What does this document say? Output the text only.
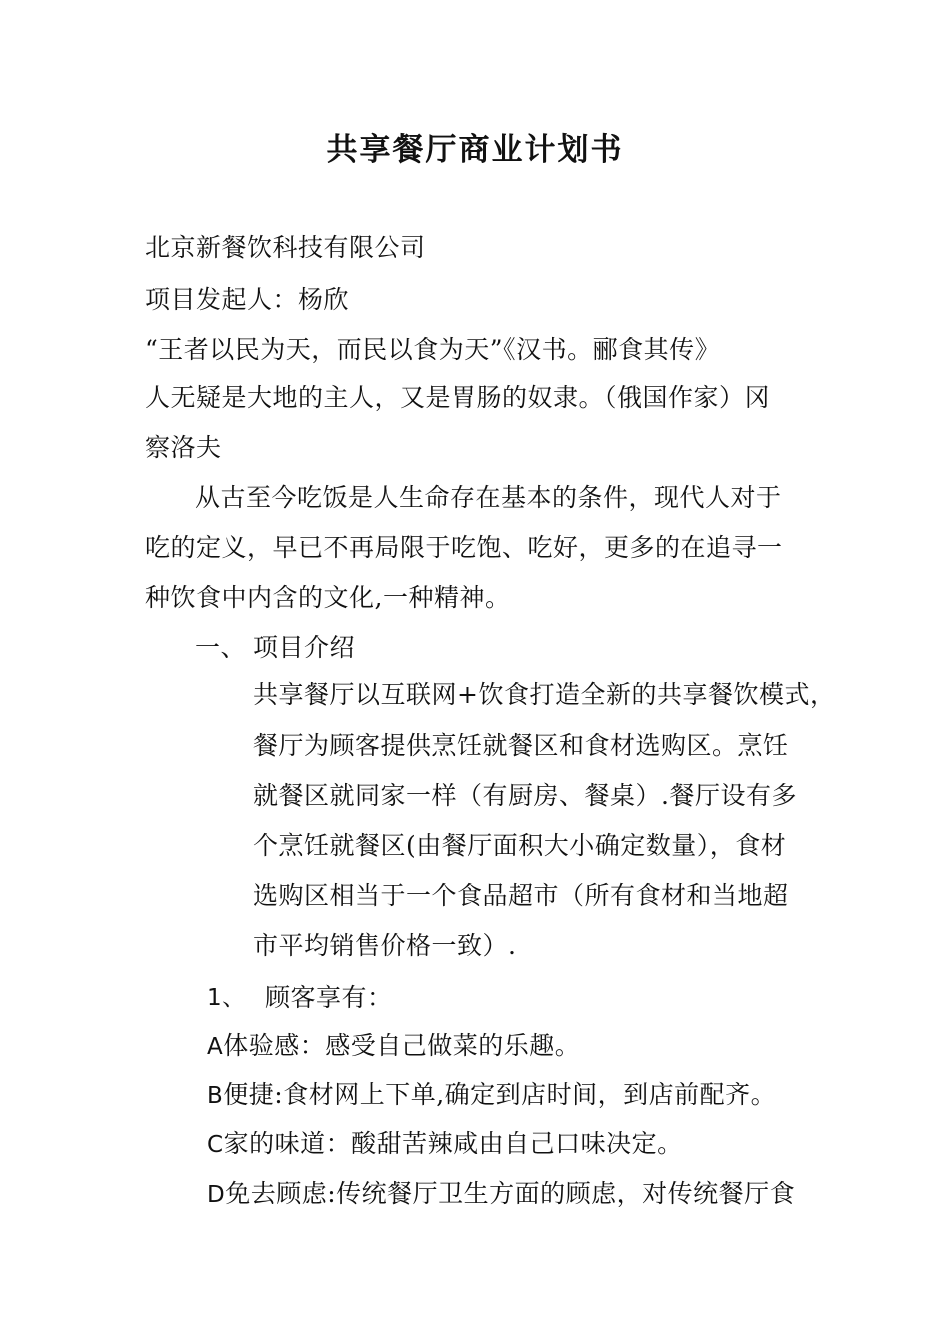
共享餐厅商业计划书
北京新餐饮科技有限公司
项目发起人：杨欣
“王者以民为天，而民以食为天”《汉书。郦食其传》
人无疑是大地的主人，又是胃肠的奴隶。（俄国作家）冈
察洛夫
从古至今吃饭是人生命存在基本的条件，现代人对于
吃的定义，早已不再局限于吃饱、吃好，更多的在追寻一
种饮食中内含的文化,一种精神。
一、 项目介绍
共享餐厅以互联网+饮食打造全新的共享餐饮模式，
餐厅为顾客提供烹饪就餐区和食材选购区。烹饪
就餐区就同家一样（有厨房、餐桌）.餐厅设有多
个烹饪就餐区(由餐厅面积大小确定数量），食材
选购区相当于一个食品超市（所有食材和当地超
市平均销售价格一致）.
1、 顾客享有：
A体验感：感受自己做菜的乐趣。
B便捷:食材网上下单,确定到店时间，到店前配齐。
C家的味道：酸甜苦辣咸由自己口味决定。
D免去顾虑:传统餐厅卫生方面的顾虑，对传统餐厅食
